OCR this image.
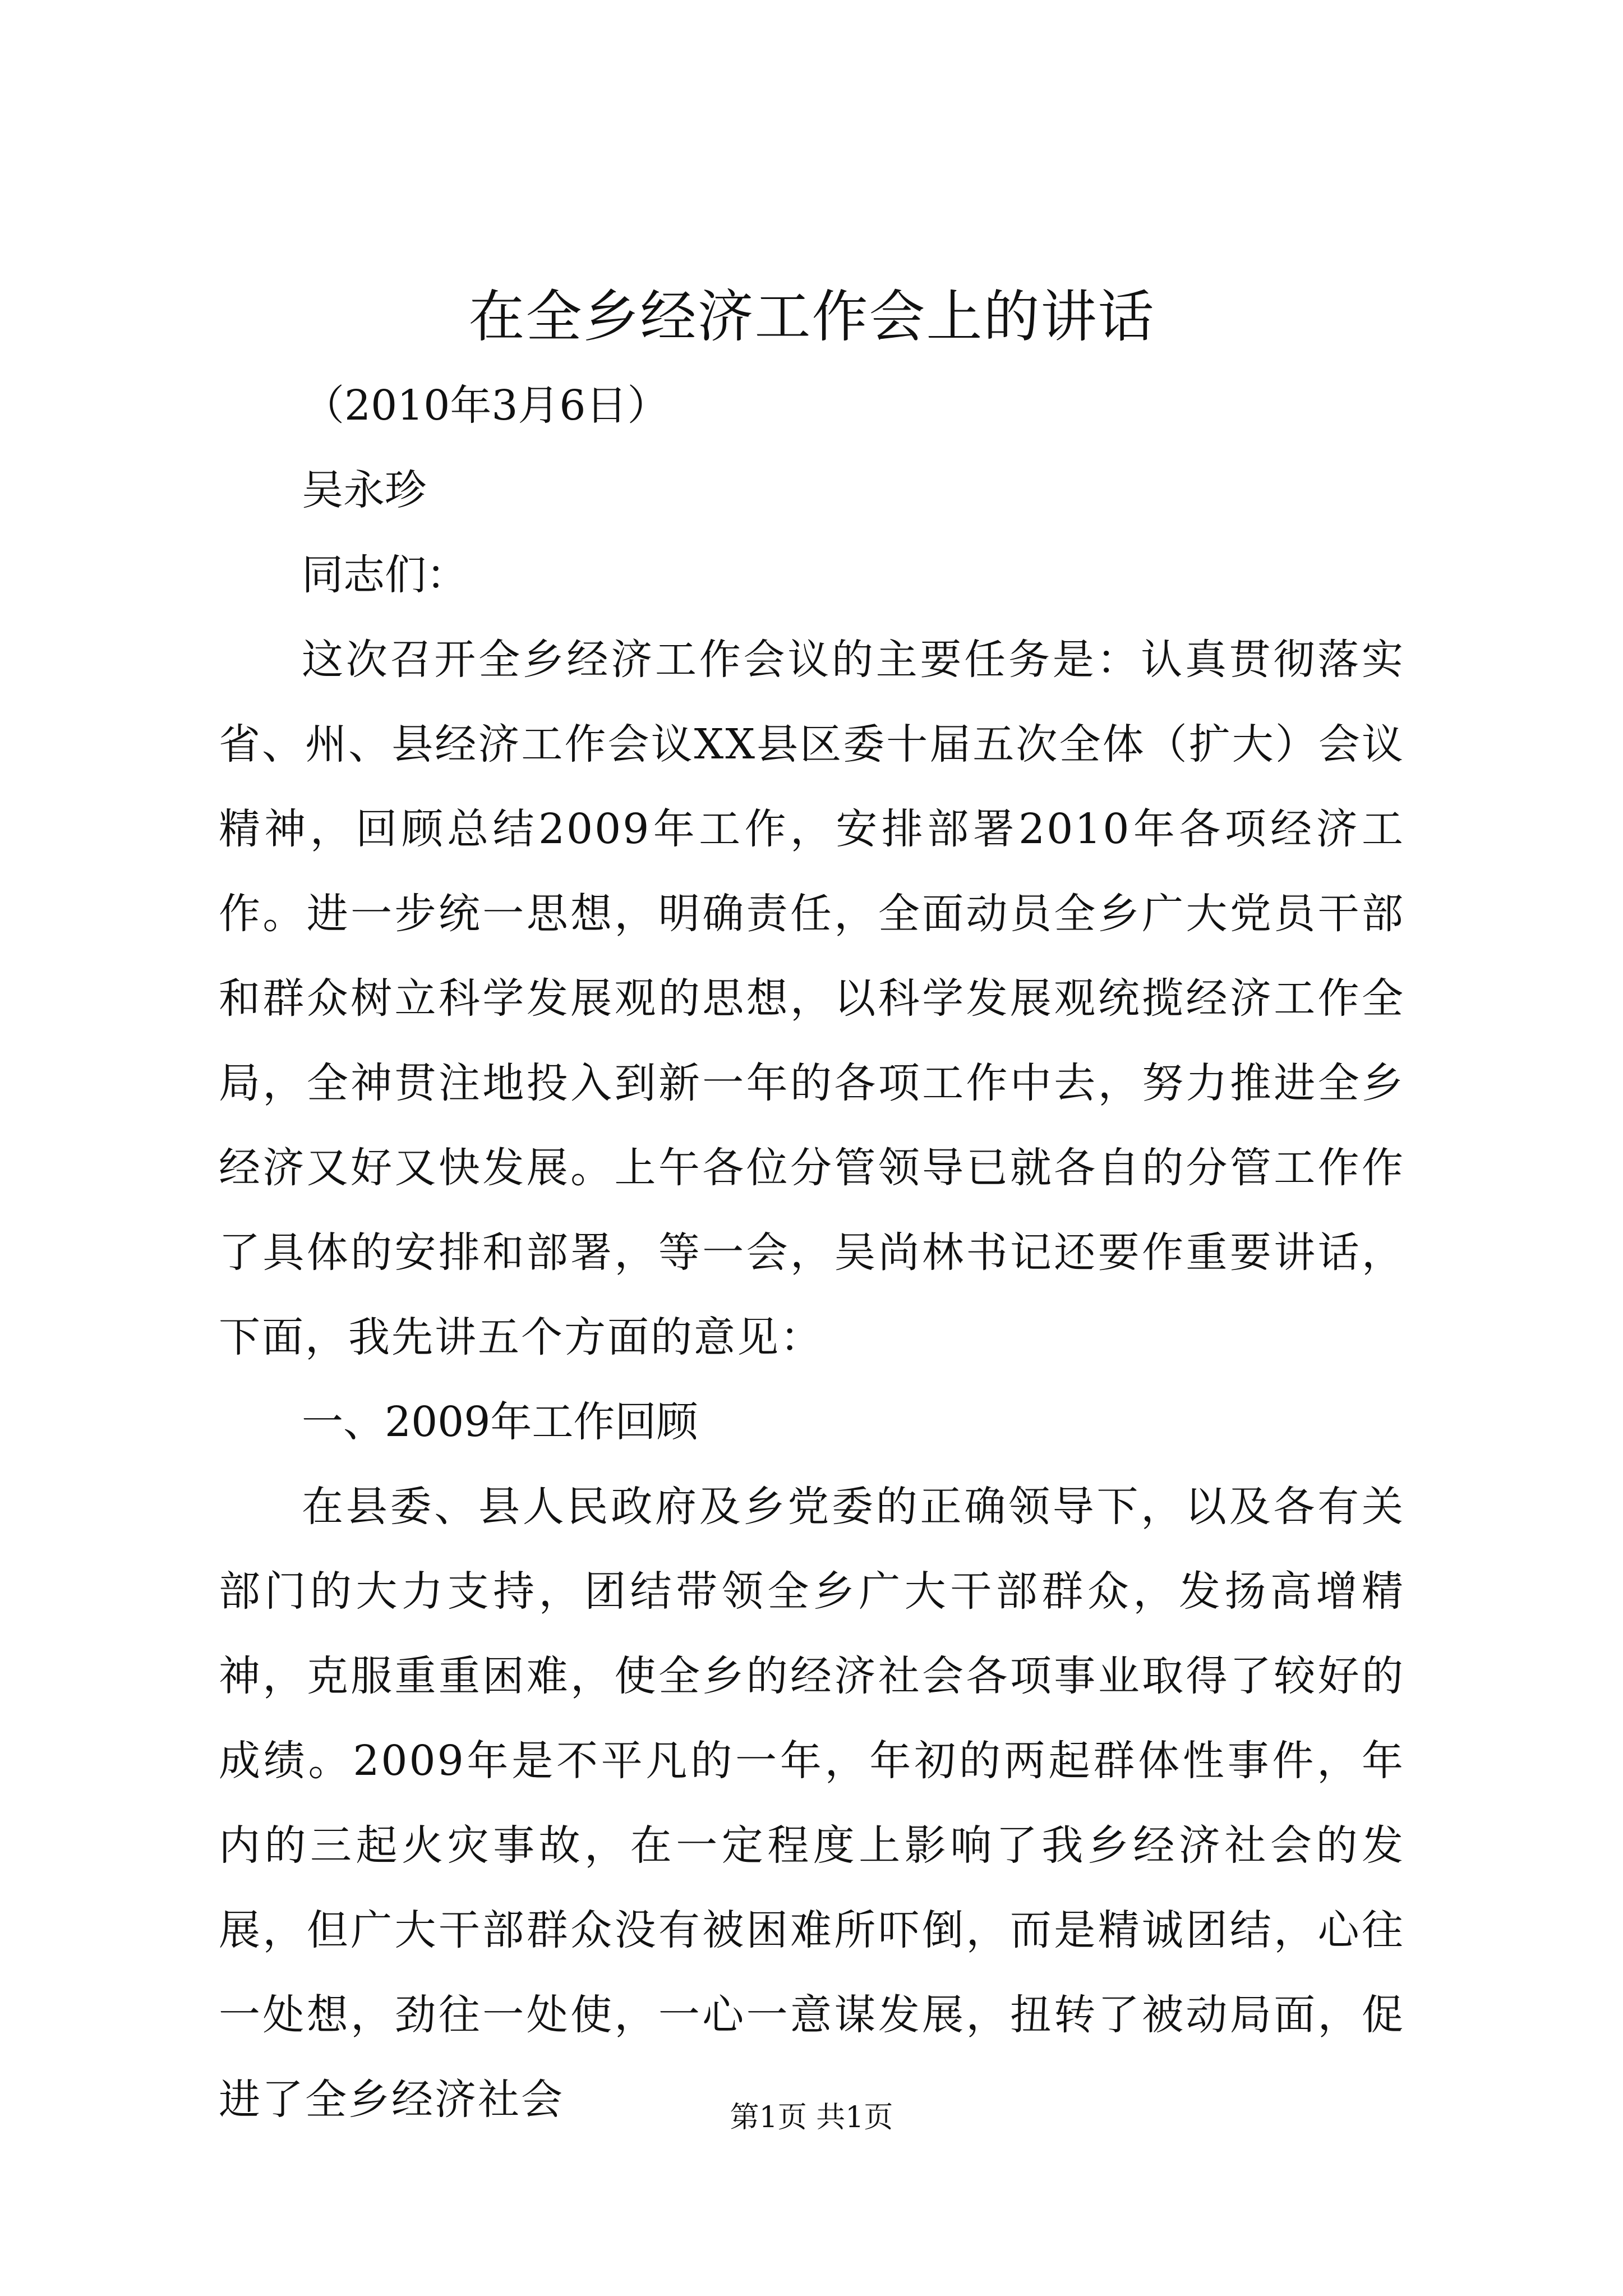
在全乡经济工作会上的讲话

（2010年3月6日）

吴永珍

同志们：

这次召开全乡经济工作会议的主要任务是：认真贯彻落实省、州、县经济工作会议XX县区委十届五次全体（扩大）会议精神，回顾总结2009年工作，安排部署2010年各项经济工作。进一步统一思想，明确责任，全面动员全乡广大党员干部和群众树立科学发展观的思想，以科学发展观统揽经济工作全局，全神贯注地投入到新一年的各项工作中去，努力推进全乡经济又好又快发展。上午各位分管领导已就各自的分管工作作了具体的安排和部署，等一会，吴尚林书记还要作重要讲话，下面，我先讲五个方面的意见：

一、2009年工作回顾

在县委、县人民政府及乡党委的正确领导下，以及各有关部门的大力支持，团结带领全乡广大干部群众，发扬高增精神，克服重重困难，使全乡的经济社会各项事业取得了较好的成绩。2009年是不平凡的一年，年初的两起群体性事件，年内的三起火灾事故，在一定程度上影响了我乡经济社会的发展，但广大干部群众没有被困难所吓倒，而是精诚团结，心往一处想，劲往一处使，一心一意谋发展，扭转了被动局面，促进了全乡经济社会	第1页 共1页
